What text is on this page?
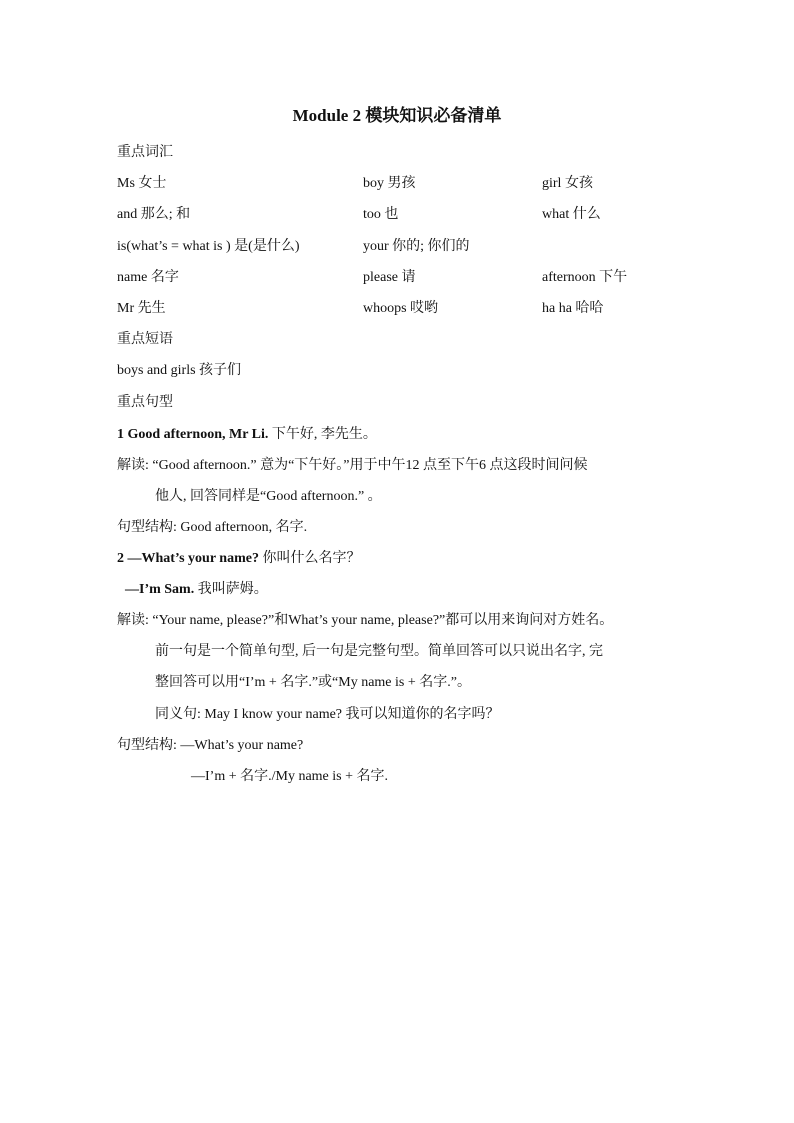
Module 2 模块知识必备清单
重点词汇
Ms 女士	boy 男孩	girl 女孩
and 那么; 和	too 也	what 什么
is(what’s = what is ) 是(是什么)	your 你的; 你们的
name 名字	please 请	afternoon 下午
Mr 先生	whoops 哎哟	ha ha 哈哈
重点短语
boys and girls 孩子们
重点句型
1 Good afternoon, Mr Li. 下午好, 李先生。
解读: “Good afternoon.” 意为“下午好。”用于中午12 点至下午6 点这段时间问候
他人, 回答同样是“Good afternoon.” 。
句型结构: Good afternoon, 名字.
2 —What’s your name? 你叫什么名字？
—I’m Sam. 我叫萨姆。
解读: “Your name, please?”和What’s your name, please?”都可以用来询问对方姓名。
前一句是一个简单句型, 后一句是完整句型。简单回答可以只说出名字, 完
整回答可以用“I’m + 名字.”或“My name is + 名字.”。
同义句: May I know your name? 我可以知道你的名字吗？
句型结构: —What’s your name?
—I’m + 名字./My name is + 名字.
